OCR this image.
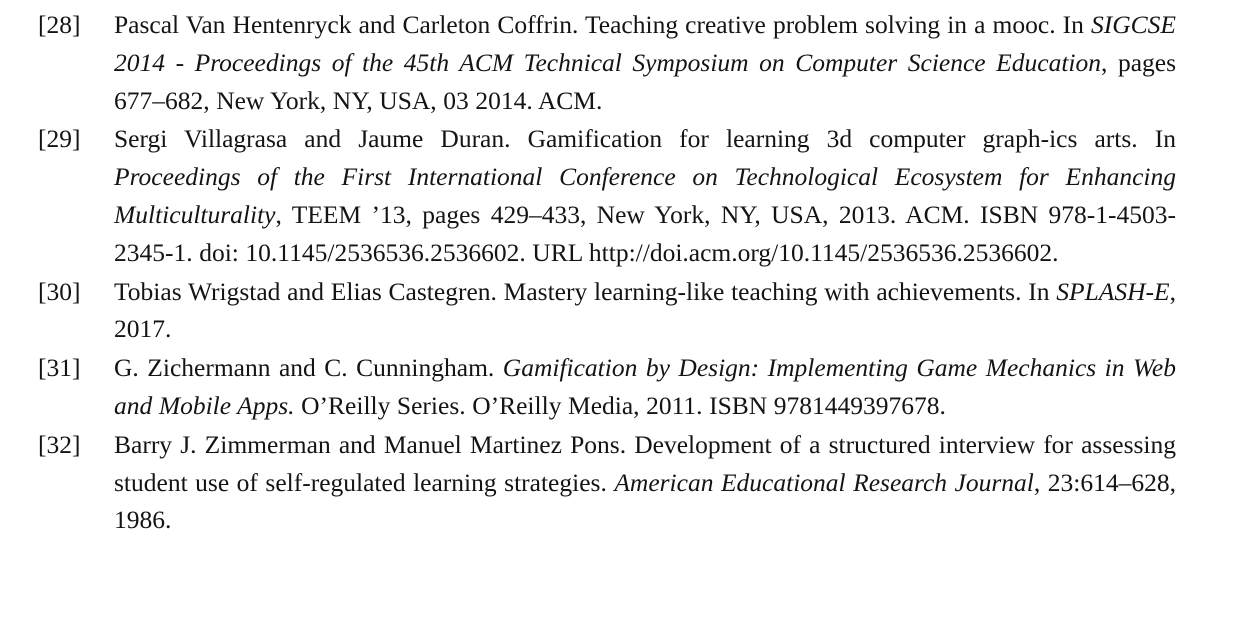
[28]	Pascal Van Hentenryck and Carleton Coffrin. Teaching creative problem solving in a mooc. In SIGCSE 2014 - Proceedings of the 45th ACM Technical Symposium on Computer Science Education, pages 677–682, New York, NY, USA, 03 2014. ACM.
[29]	Sergi Villagrasa and Jaume Duran. Gamification for learning 3d computer graph-ics arts. In Proceedings of the First International Conference on Technological Ecosystem for Enhancing Multiculturality, TEEM ’13, pages 429–433, New York, NY, USA, 2013. ACM. ISBN 978-1-4503-2345-1. doi: 10.1145/2536536.2536602. URL http://doi.acm.org/10.1145/2536536.2536602.
[30]	Tobias Wrigstad and Elias Castegren. Mastery learning-like teaching with achievements. In SPLASH-E, 2017.
[31]	G. Zichermann and C. Cunningham. Gamification by Design: Implementing Game Mechanics in Web and Mobile Apps. O’Reilly Series. O’Reilly Media, 2011. ISBN 9781449397678.
[32]	Barry J. Zimmerman and Manuel Martinez Pons. Development of a structured interview for assessing student use of self-regulated learning strategies. American Educational Research Journal, 23:614–628, 1986.
